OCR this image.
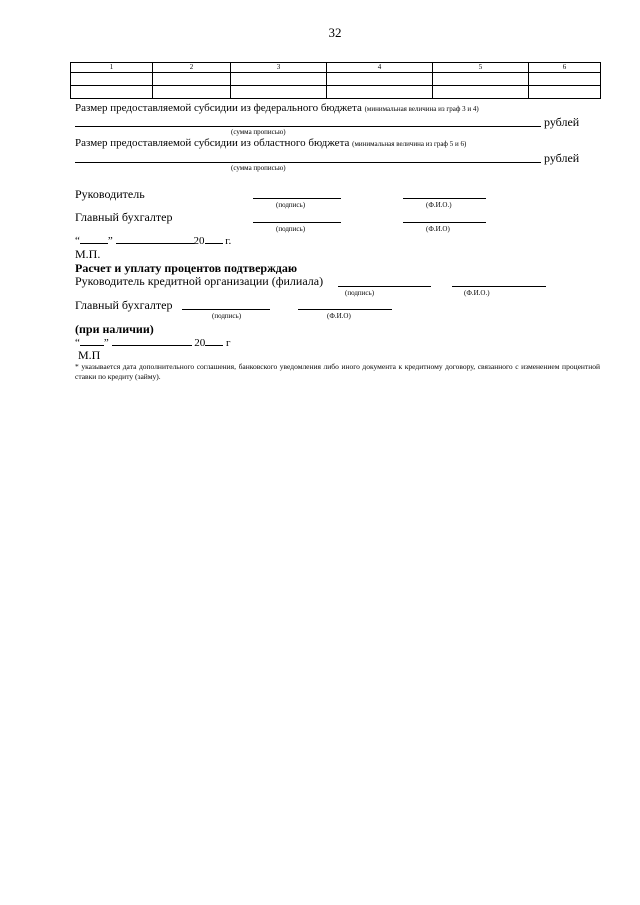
32
1	2	3	4	5	6

Размер предоставляемой субсидии из федерального бюджета (минимальная величина из граф 3 и 4)
рублей
(сумма прописью)
Размер предоставляемой субсидии из областного бюджета (минимальная величина из граф 5 и 6)
рублей
(сумма прописью)
Руководитель
(подпись)	(Ф.И.О.)
Главный бухгалтер
(подпись)	(Ф.И.О)
“	”	20 г.
М.П.
Расчет и уплату процентов подтверждаю
Руководитель кредитной организации (филиала)
(подпись)	(Ф.И.О.)
Главный бухгалтер
(подпись)	(Ф.И.О)
(при наличии)
“ ”	20 г
М.П
* указывается дата дополнительного соглашения, банковского уведомления либо иного документа к кредитному договору, связанного с изменением процентной ставки по кредиту (займу).
